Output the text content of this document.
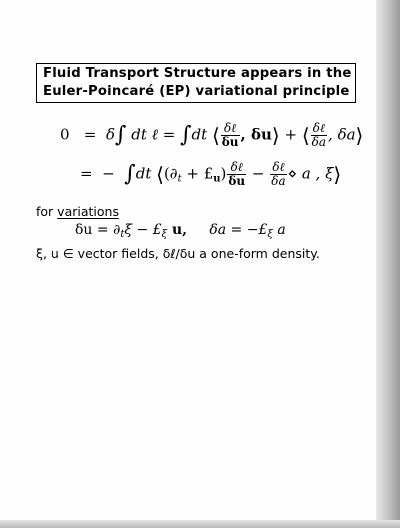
Fluid Transport Structure appears in the
Euler-Poincaré (EP) variational principle
0 = δ∫ dt ℓ = ∫dt ⟨ $\frac{\text{δℓ}}{\delta u}$ , δu⟩ + ⟨ $\frac{\text{δℓ}}{\delta a}$ , δa⟩
= − ∫dt $⟨(\partial_t$ + $£_u) \frac{\text{δℓ}}{\delta u} - \frac{\text{δℓ}}{\delta a}$ ⋄ a , ξ⟩
for variations
$\delta u = \partial_t\xi$ − $£_\xi$ u, $\delta a = -£_\xi$ a
ξ, u ∈ vector fields, δℓ/δu a one-form density.
